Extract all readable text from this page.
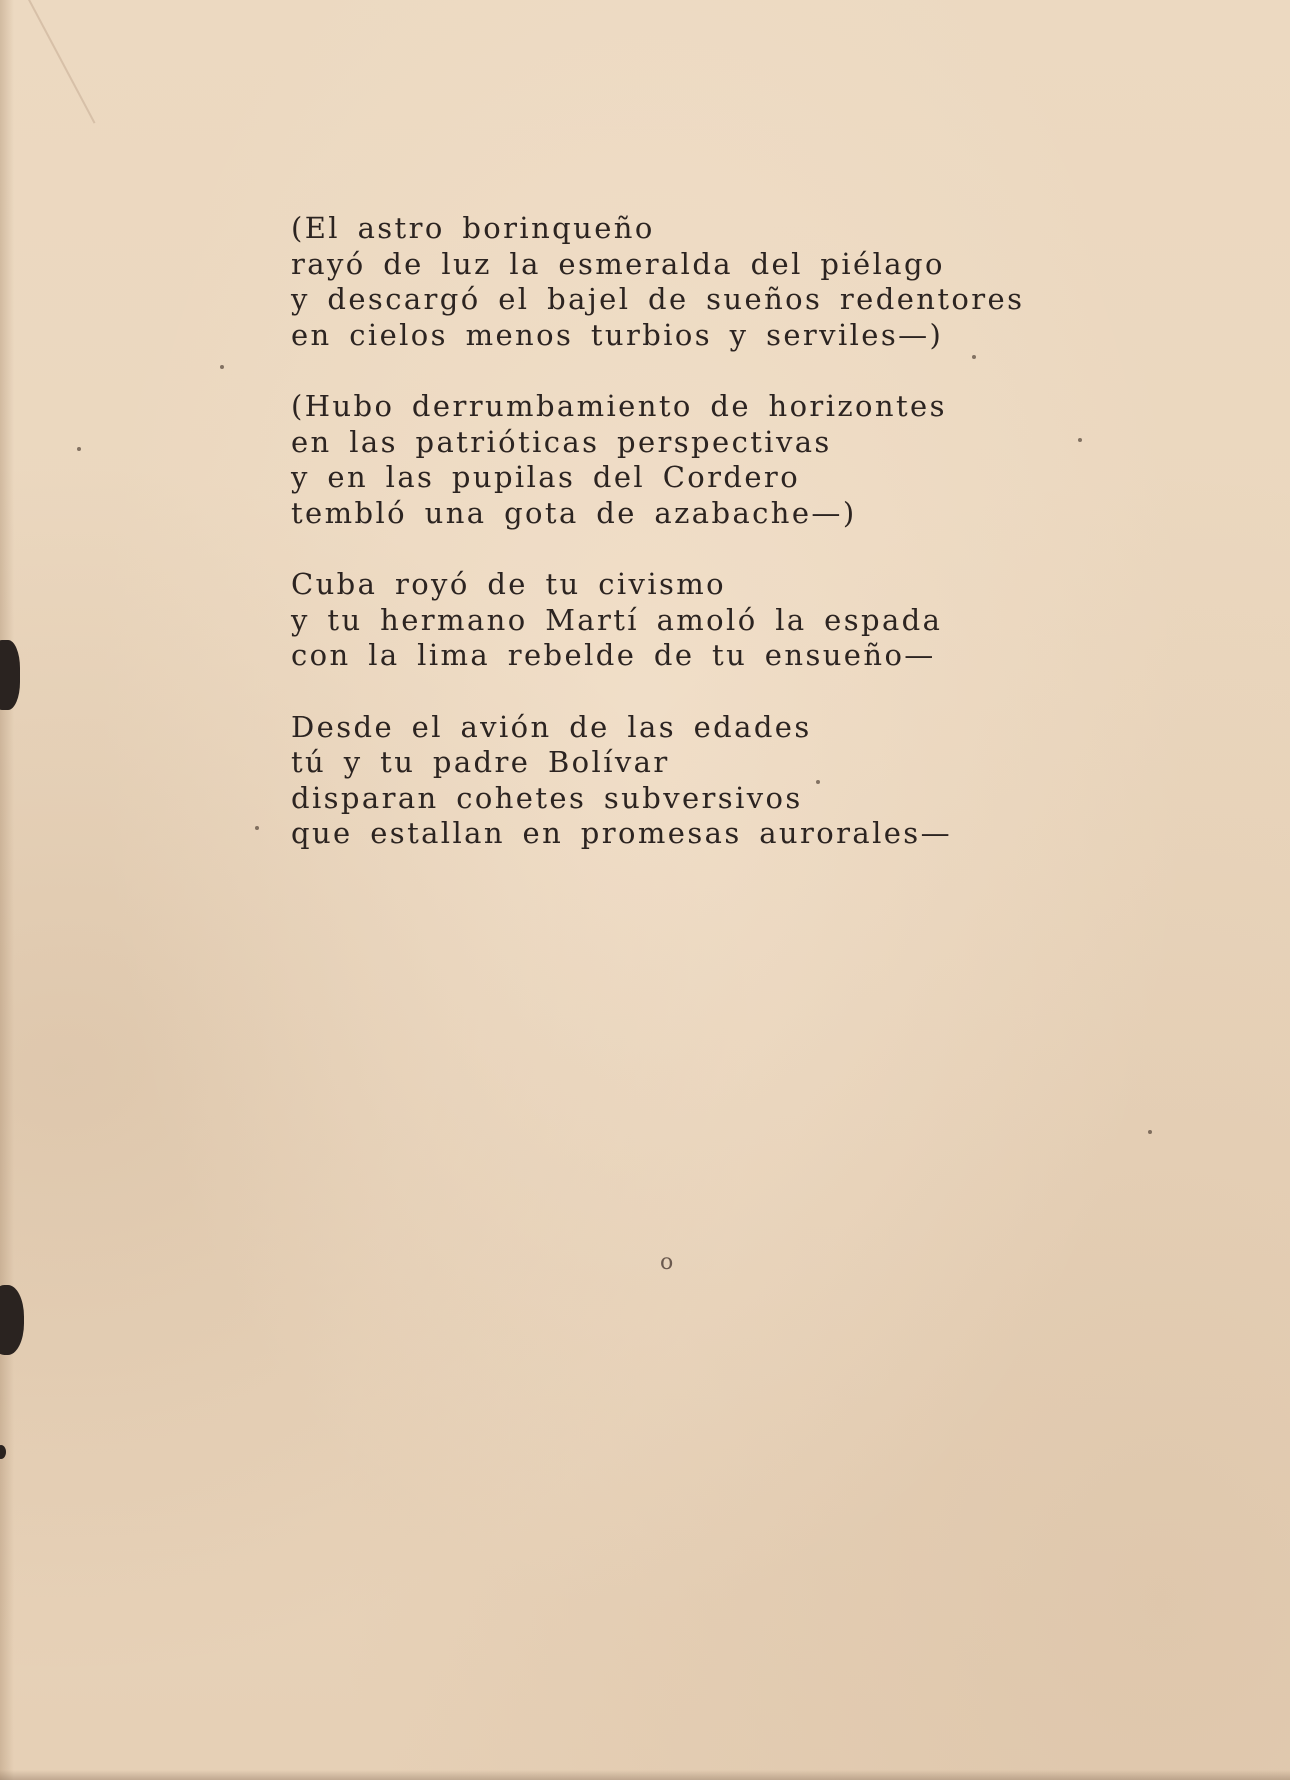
(El astro borinqueño
rayó de luz la esmeralda del piélago
y descargó el bajel de sueños redentores
en cielos menos turbios y serviles—)
(Hubo derrumbamiento de horizontes
en las patrióticas perspectivas
y en las pupilas del Cordero
tembló una gota de azabache—)
Cuba royó de tu civismo
y tu hermano Martí amoló la espada
con la lima rebelde de tu ensueño—
Desde el avión de las edades
tú y tu padre Bolívar
disparan cohetes subversivos
que estallan en promesas aurorales—
o
